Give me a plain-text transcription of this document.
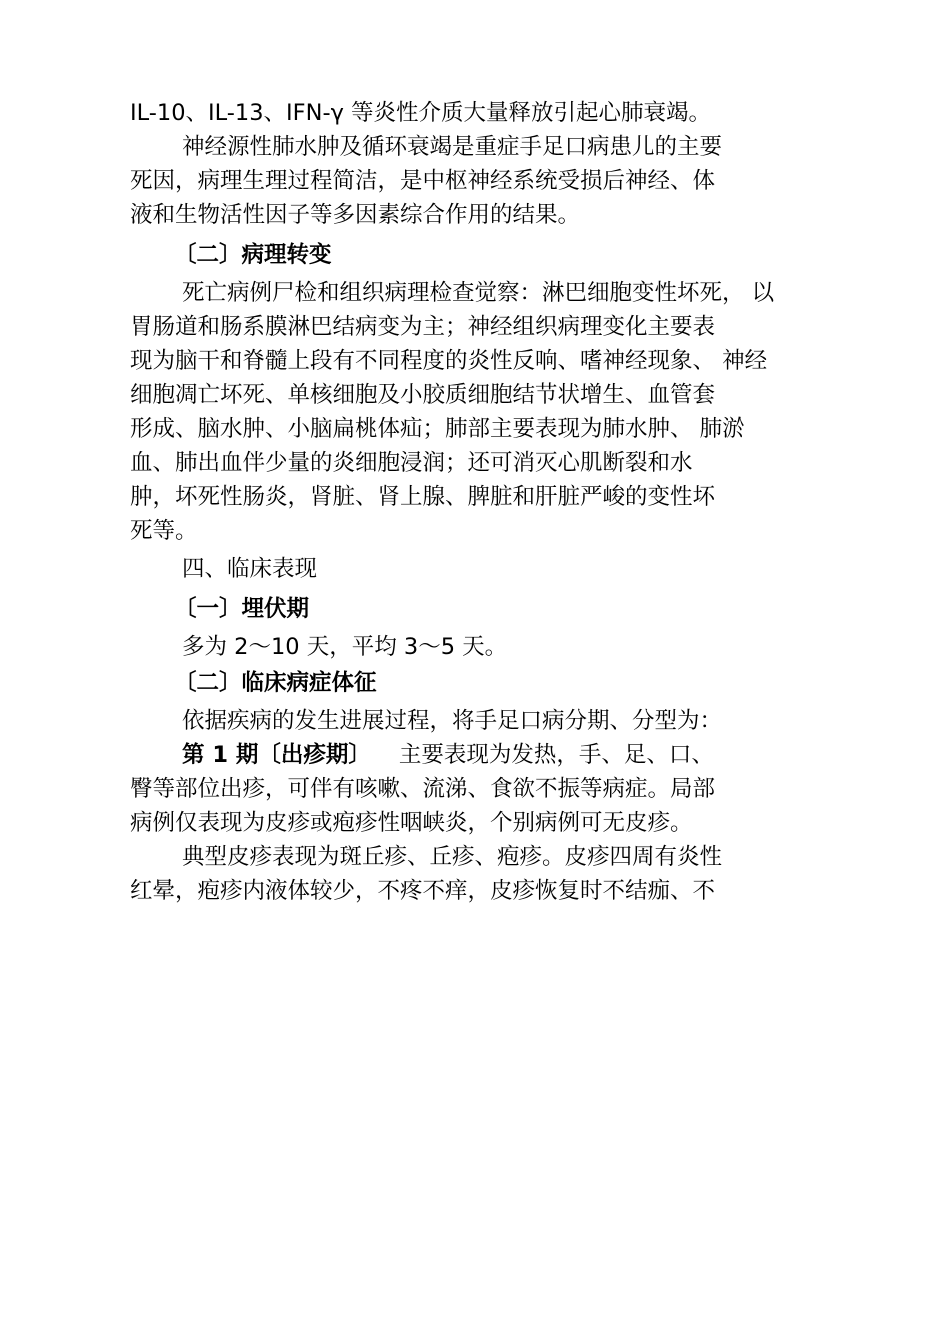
IL-10、IL-13、IFN-γ 等炎性介质大量释放引起心肺衰竭。
神经源性肺水肿及循环衰竭是重症手足口病患儿的主要
死因，病理生理过程简洁，是中枢神经系统受损后神经、体
液和生物活性因子等多因素综合作用的结果。
〔二〕病理转变
死亡病例尸检和组织病理检查觉察：淋巴细胞变性坏死， 以
胃肠道和肠系膜淋巴结病变为主；神经组织病理变化主要表
现为脑干和脊髓上段有不同程度的炎性反响、嗜神经现象、 神经
细胞凋亡坏死、单核细胞及小胶质细胞结节状增生、血管套
形成、脑水肿、小脑扁桃体疝；肺部主要表现为肺水肿、 肺淤
血、肺出血伴少量的炎细胞浸润；还可消灭心肌断裂和水
肿，坏死性肠炎，肾脏、肾上腺、脾脏和肝脏严峻的变性坏
死等。
四、临床表现
〔一〕埋伏期
多为 2～10 天，平均 3～5 天。
〔二〕临床病症体征
依据疾病的发生进展过程，将手足口病分期、分型为：
第 1 期〔出疹期〕 主要表现为发热，手、足、口、
臀等部位出疹，可伴有咳嗽、流涕、食欲不振等病症。局部
病例仅表现为皮疹或疱疹性咽峡炎，个别病例可无皮疹。
典型皮疹表现为斑丘疹、丘疹、疱疹。皮疹四周有炎性
红晕，疱疹内液体较少，不疼不痒，皮疹恢复时不结痂、不
